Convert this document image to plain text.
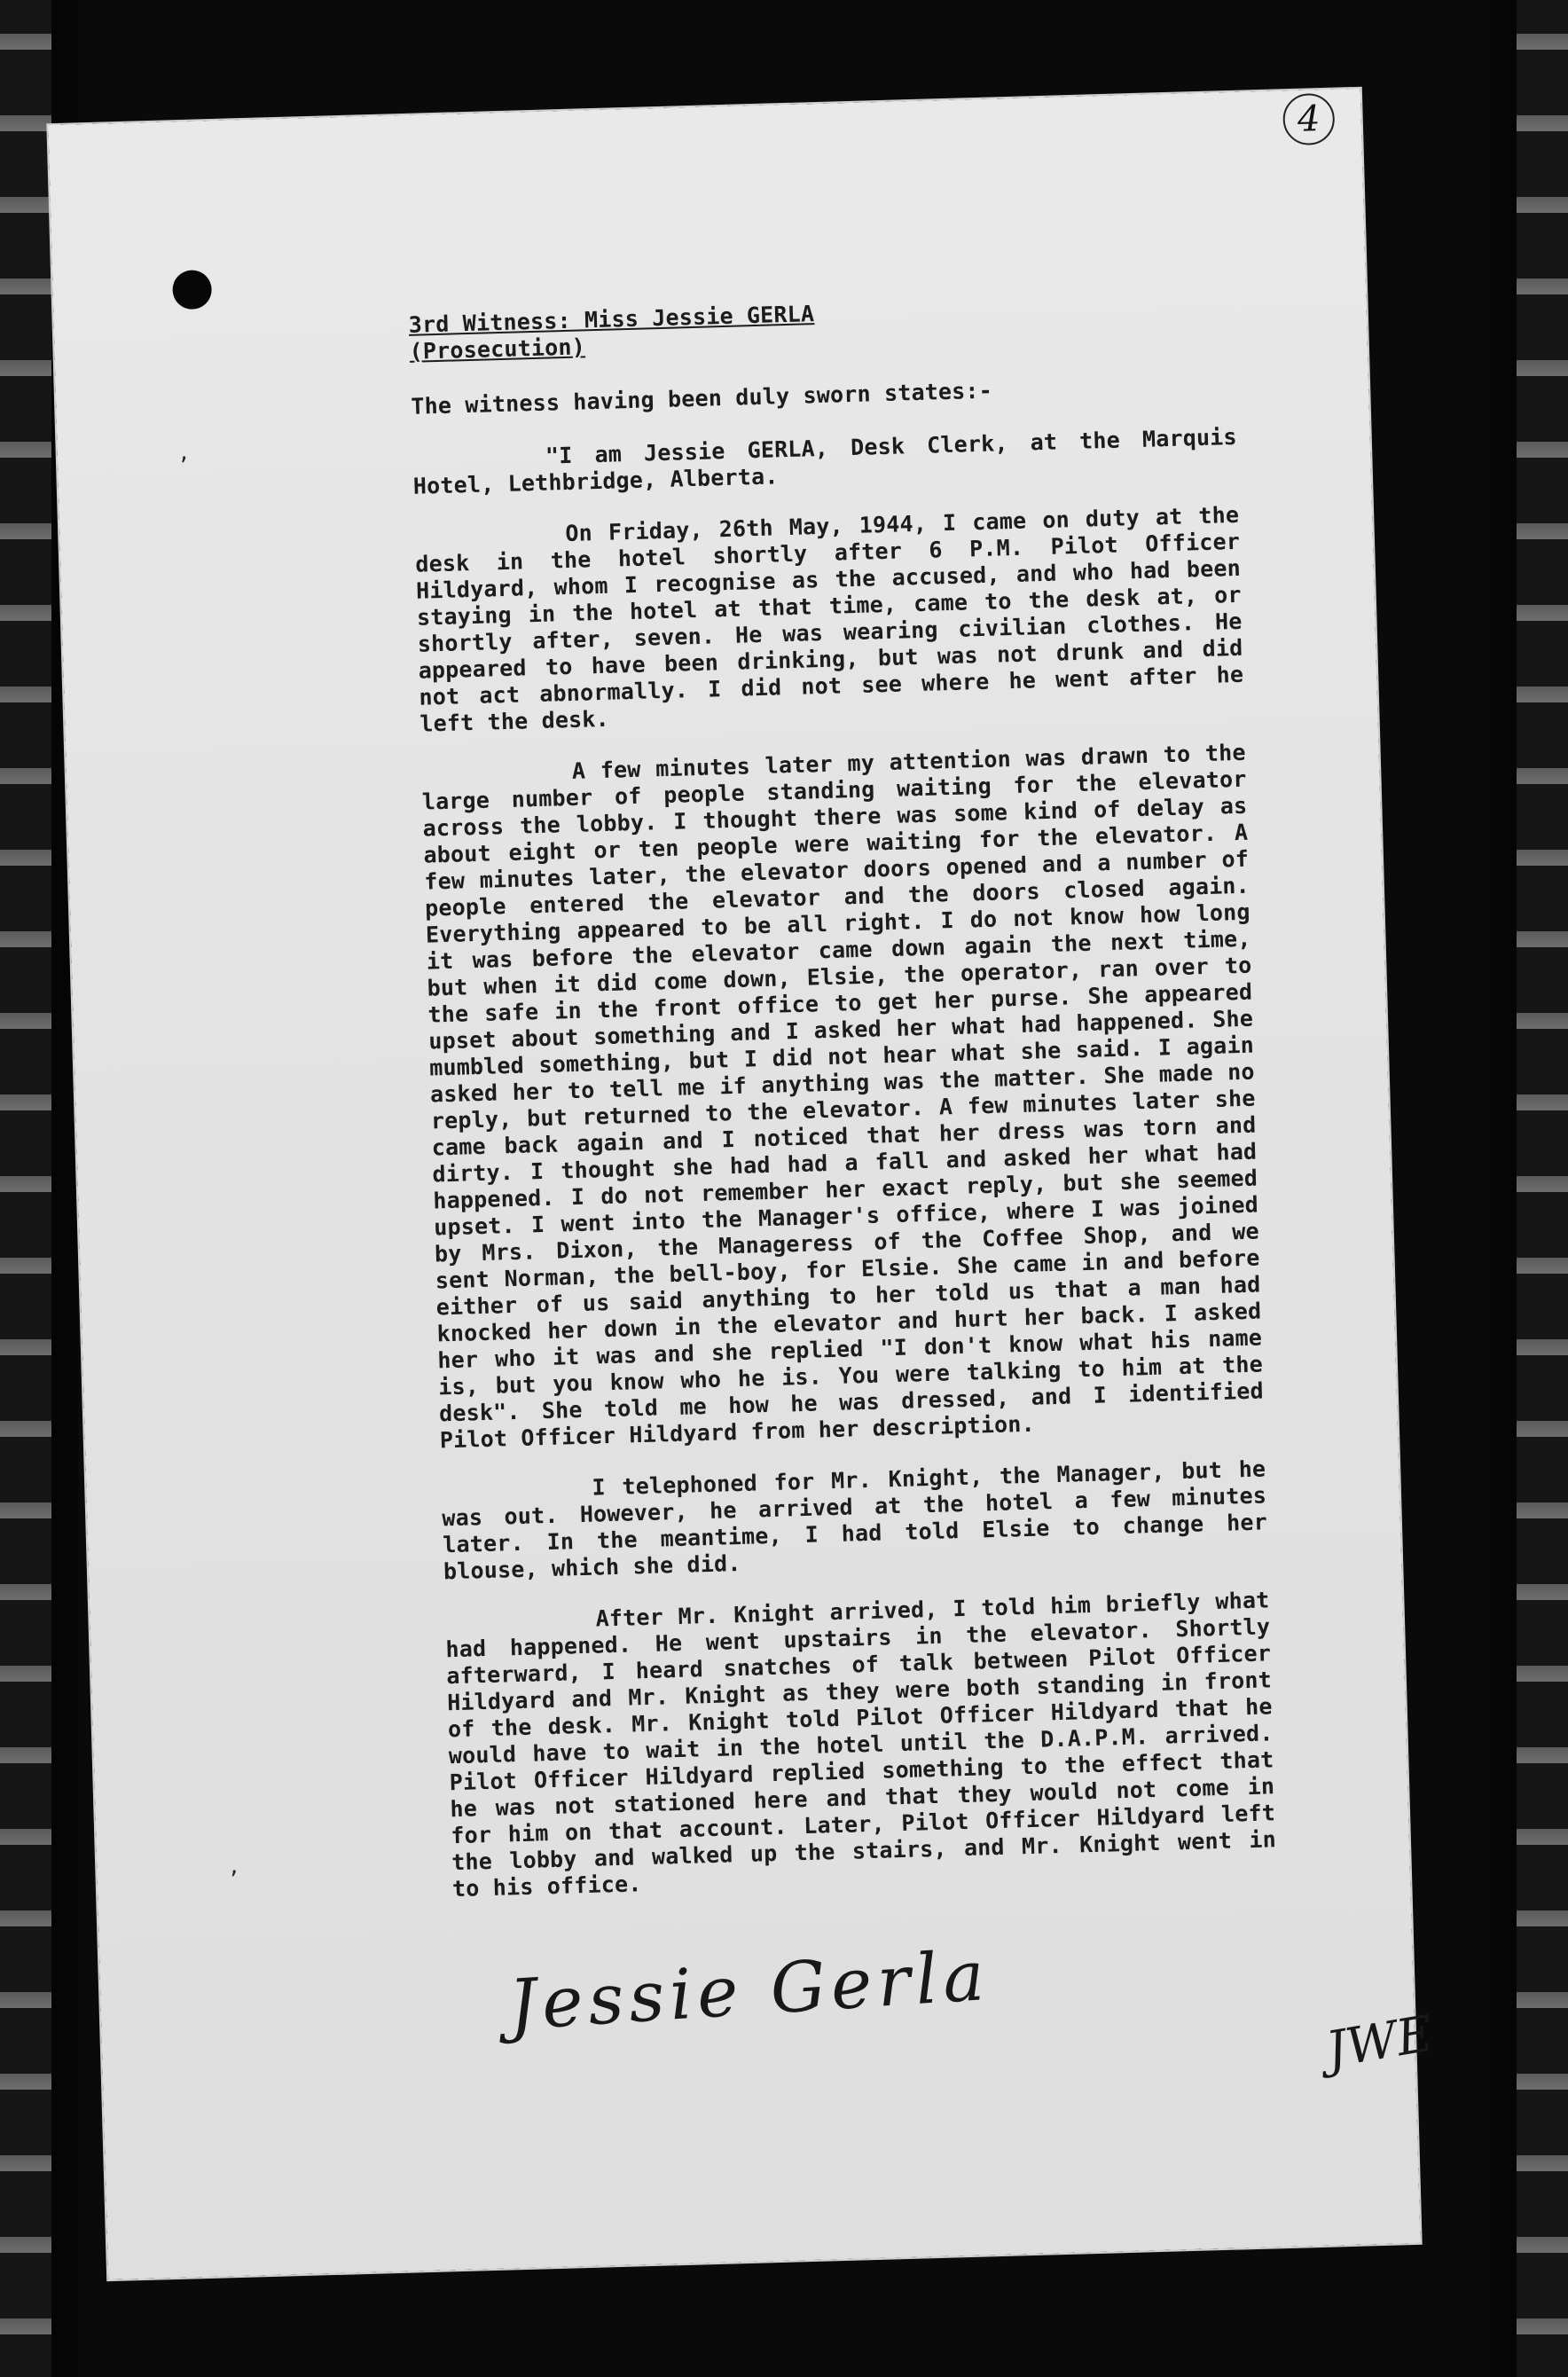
4
,
,

3rd Witness: Miss Jessie GERLA

(Prosecution)

The witness having been duly sworn states:-

"I am Jessie GERLA, Desk Clerk, at the Marquis Hotel, Lethbridge, Alberta.

On Friday, 26th May, 1944, I came on duty at the desk in the hotel shortly after 6 P.M. Pilot Officer Hildyard, whom I recognise as the accused, and who had been staying in the hotel at that time, came to the desk at, or shortly after, seven. He was wearing civilian clothes. He appeared to have been drinking, but was not drunk and did not act abnormally. I did not see where he went after he left the desk.

A few minutes later my attention was drawn to the large number of people standing waiting for the elevator across the lobby. I thought there was some kind of delay as about eight or ten people were waiting for the elevator. A few minutes later, the elevator doors opened and a number of people entered the elevator and the doors closed again. Everything appeared to be all right. I do not know how long it was before the elevator came down again the next time, but when it did come down, Elsie, the operator, ran over to the safe in the front office to get her purse. She appeared upset about something and I asked her what had happened. She mumbled something, but I did not hear what she said. I again asked her to tell me if anything was the matter. She made no reply, but returned to the elevator. A few minutes later she came back again and I noticed that her dress was torn and dirty. I thought she had had a fall and asked her what had happened. I do not remember her exact reply, but she seemed upset. I went into the Manager's office, where I was joined by Mrs. Dixon, the Manageress of the Coffee Shop, and we sent Norman, the bell-boy, for Elsie. She came in and before either of us said anything to her told us that a man had knocked her down in the elevator and hurt her back. I asked her who it was and she replied "I don't know what his name is, but you know who he is. You were talking to him at the desk". She told me how he was dressed, and I identified Pilot Officer Hildyard from her description.

I telephoned for Mr. Knight, the Manager, but he was out. However, he arrived at the hotel a few minutes later. In the meantime, I had told Elsie to change her blouse, which she did.

After Mr. Knight arrived, I told him briefly what had happened. He went upstairs in the elevator. Shortly afterward, I heard snatches of talk between Pilot Officer Hildyard and Mr. Knight as they were both standing in front of the desk. Mr. Knight told Pilot Officer Hildyard that he would have to wait in the hotel until the D.A.P.M. arrived. Pilot Officer Hildyard replied something to the effect that he was not stationed here and that they would not come in for him on that account. Later, Pilot Officer Hildyard left the lobby and walked up the stairs, and Mr. Knight went in to his office.

Jessie Gerla	JWE
